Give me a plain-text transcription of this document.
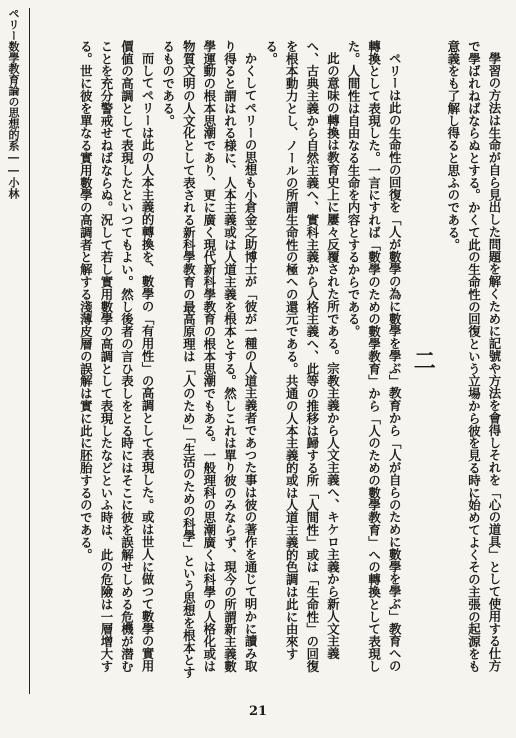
ペリー数學教育論の思想的系――小林	學習の方法は生命が自ら見出した問題を解くために記號や方法を會得しそれを「心の道具」として使用する仕方で學ばれねばならぬとする。かくて此の生命性の回復という立場から彼を見る時に始めてよくその主張の起源をも意義をも了解し得ると思ふのである。

二

ペリーは此の生命性の回復を「人が數學の為に數學を學ぶ」教育から「人が自らのために數學を學ぶ」教育への轉換として表現した。一言にすれば「數學のための數學教育」から「人のための數學教育」への轉換として表現した。人間性は自由なる生命を内容とするからである。

此の意味の轉換は教育史上に屢々反覆された所である。宗教主義から人文主義へ、キケロ主義から新人文主義へ、古典主義から自然主義へ、實科主義から人格主義へ、此等の推移は歸する所「人間性」或は「生命性」の回復を根本動力とし、ノールの所謂生命性の極への還元である。共通の人本主義的或は人道主義的色調は此に由來する。

かくしてペリーの思想も小倉金之助博士が「彼が一種の人道主義者であつた事は彼の著作を通じて明かに讀み取り得ると謂はれる様に、人本主義或は人道主義を根本とする。然しこれは單り彼のみならず、現今の所謂新主義數學運動の根本思潮であり、更に廣く現代新科學教育の根本思潮でもある。一般理科の思潮廣くは科學の人格化或は物質文明の人文化として表される新科學教育の最高原理は「人のため」「生活のための科學」という思想を根本とするものである。

而してペリーは此の人本主義的轉換を、數學の「有用性」の高調として表現した。或は世人に做つて數學の實用價値の高調として表現したといつてもよい。然し後者の言ひ表しをとる時にはそこに彼を誤解せしめる危機が潜むことを充分警戒せねばならぬ。況して若し實用數學の高調として表現したなどといふ時は、此の危險は一層增大する。世に彼を單なる實用數學の高調者と解する淺薄皮層の誤解は實に此に胚胎するのである。

21
